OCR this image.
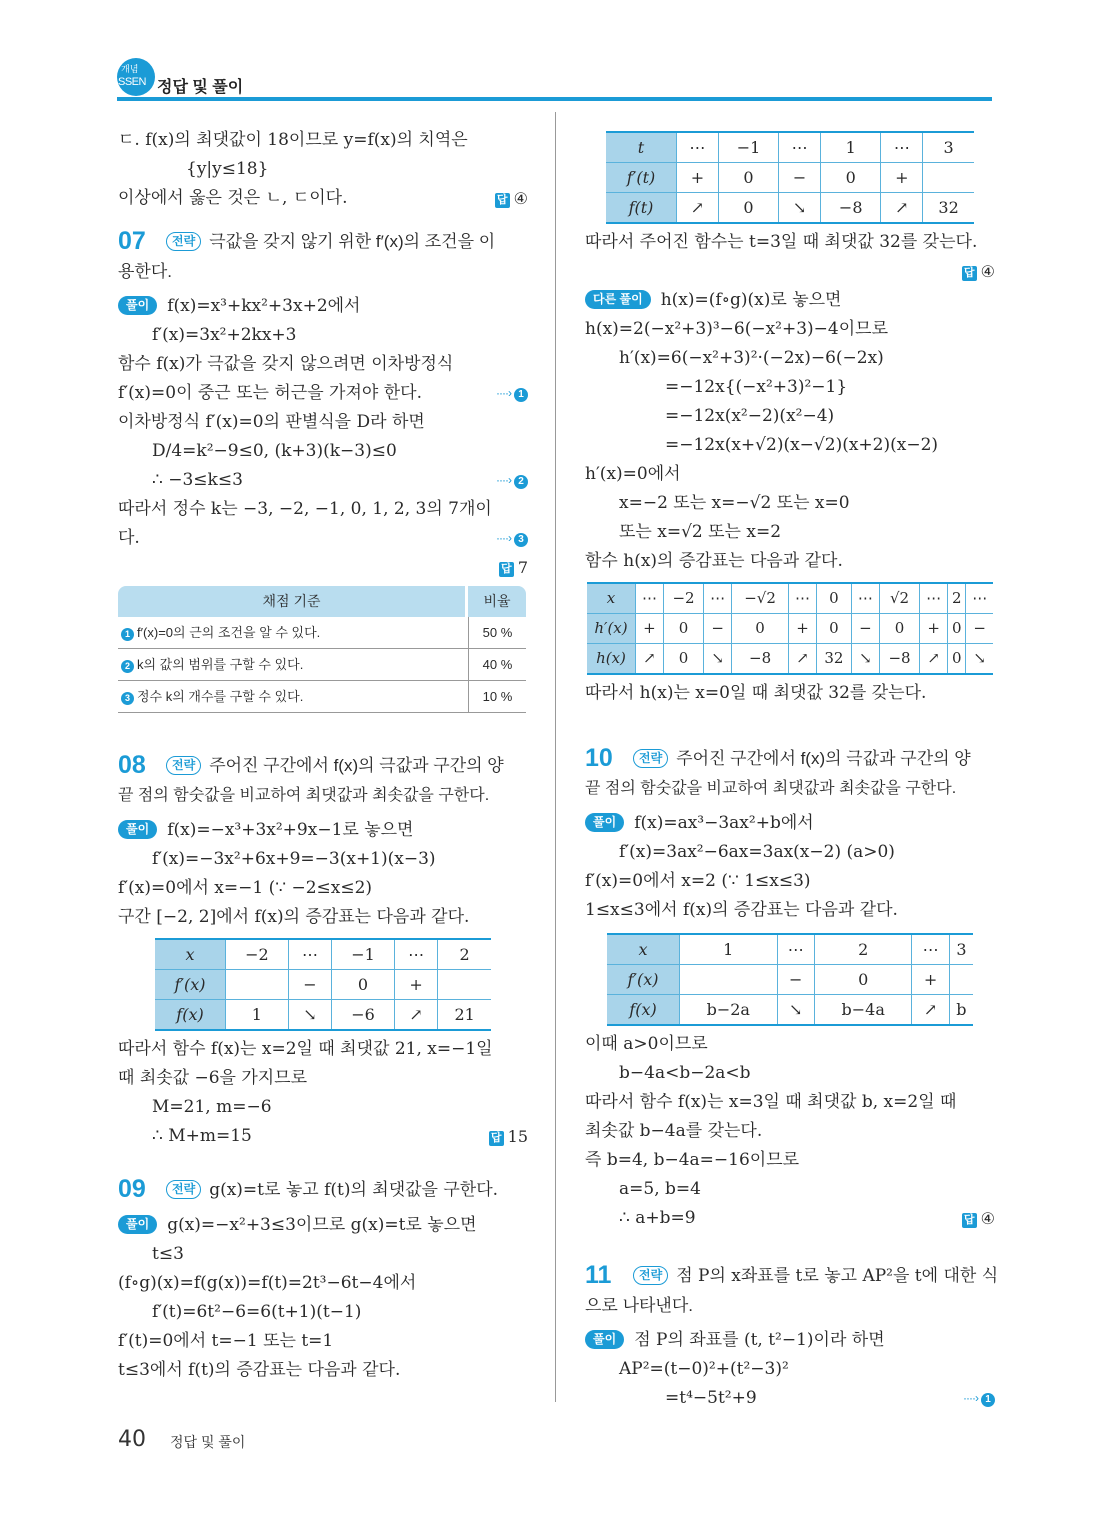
개념
SSEN 정답 및 풀이
ㄷ. f(x)의 최댓값이 18이므로 y=f(x)의 치역은
{y|y≤18}
이상에서 옳은 것은 ㄴ, ㄷ이다.	답 ④
07 전략 극값을 갖지 않기 위한 f′(x)의 조건을 이
용한다.
풀이 f(x)=x³+kx²+3x+2에서
f′(x)=3x²+2kx+3
함수 f(x)가 극값을 갖지 않으려면 이차방정식
f′(x)=0이 중근 또는 허근을 가져야 한다.	····› 1
이차방정식 f′(x)=0의 판별식을 D라 하면
D/4=k²−9≤0, (k+3)(k−3)≤0
∴ −3≤k≤3	····› 2
따라서 정수 k는 −3, −2, −1, 0, 1, 2, 3의 7개이
다.	····› 3

답 7
채점 기준	비율
1 f′(x)=0의 근의 조건을 알 수 있다.	50 %
2 k의 값의 범위를 구할 수 있다.	40 %
3 정수 k의 개수를 구할 수 있다.	10 %
08 전략 주어진 구간에서 f(x)의 극값과 구간의 양
끝 점의 함숫값을 비교하여 최댓값과 최솟값을 구한다.
풀이 f(x)=−x³+3x²+9x−1로 놓으면
f′(x)=−3x²+6x+9=−3(x+1)(x−3)
f′(x)=0에서 x=−1 (∵ −2≤x≤2)
구간 [−2, 2]에서 f(x)의 증감표는 다음과 같다.
x	−2	⋯	−1	⋯	2
f′(x)		−	0	+	
f(x)	1	↘	−6	↗	21
따라서 함수 f(x)는 x=2일 때 최댓값 21, x=−1일
때 최솟값 −6을 가지므로
M=21, m=−6
∴ M+m=15	답 15
09 전략 g(x)=t로 놓고 f(t)의 최댓값을 구한다.
풀이 g(x)=−x²+3≤3이므로 g(x)=t로 놓으면
t≤3
(f∘g)(x)=f(g(x))=f(t)=2t³−6t−4에서
f′(t)=6t²−6=6(t+1)(t−1)
f′(t)=0에서 t=−1 또는 t=1
t≤3에서 f(t)의 증감표는 다음과 같다.
t	⋯	−1	⋯	1	⋯	3
f′(t)	+	0	−	0	+	
f(t)	↗	0	↘	−8	↗	32
따라서 주어진 함수는 t=3일 때 최댓값 32를 갖는다.

답 ④
다른 풀이 h(x)=(f∘g)(x)로 놓으면
h(x)=2(−x²+3)³−6(−x²+3)−4이므로
h′(x)=6(−x²+3)²·(−2x)−6(−2x)
=−12x{(−x²+3)²−1}
=−12x(x²−2)(x²−4)
=−12x(x+√2)(x−√2)(x+2)(x−2)
h′(x)=0에서
x=−2 또는 x=−√2 또는 x=0
또는 x=√2 또는 x=2
함수 h(x)의 증감표는 다음과 같다.
x	⋯	−2	⋯	−√2	⋯	0	⋯	√2	⋯	2	⋯
h′(x)	+	0	−	0	+	0	−	0	+	0	−
h(x)	↗	0	↘	−8	↗	32	↘	−8	↗	0	↘
따라서 h(x)는 x=0일 때 최댓값 32를 갖는다.
10 전략 주어진 구간에서 f(x)의 극값과 구간의 양
끝 점의 함숫값을 비교하여 최댓값과 최솟값을 구한다.
풀이 f(x)=ax³−3ax²+b에서
f′(x)=3ax²−6ax=3ax(x−2) (a>0)
f′(x)=0에서 x=2 (∵ 1≤x≤3)
1≤x≤3에서 f(x)의 증감표는 다음과 같다.
x	1	⋯	2	⋯	3
f′(x)		−	0	+	
f(x)	b−2a	↘	b−4a	↗	b
이때 a>0이므로
b−4a<b−2a<b
따라서 함수 f(x)는 x=3일 때 최댓값 b, x=2일 때
최솟값 b−4a를 갖는다.
즉 b=4, b−4a=−16이므로
a=5, b=4
∴ a+b=9	답 ④
11 전략 점 P의 x좌표를 t로 놓고 AP²을 t에 대한 식
으로 나타낸다.
풀이 점 P의 좌표를 (t, t²−1)이라 하면
AP²=(t−0)²+(t²−3)²
=t⁴−5t²+9	····› 1
40 정답 및 풀이
